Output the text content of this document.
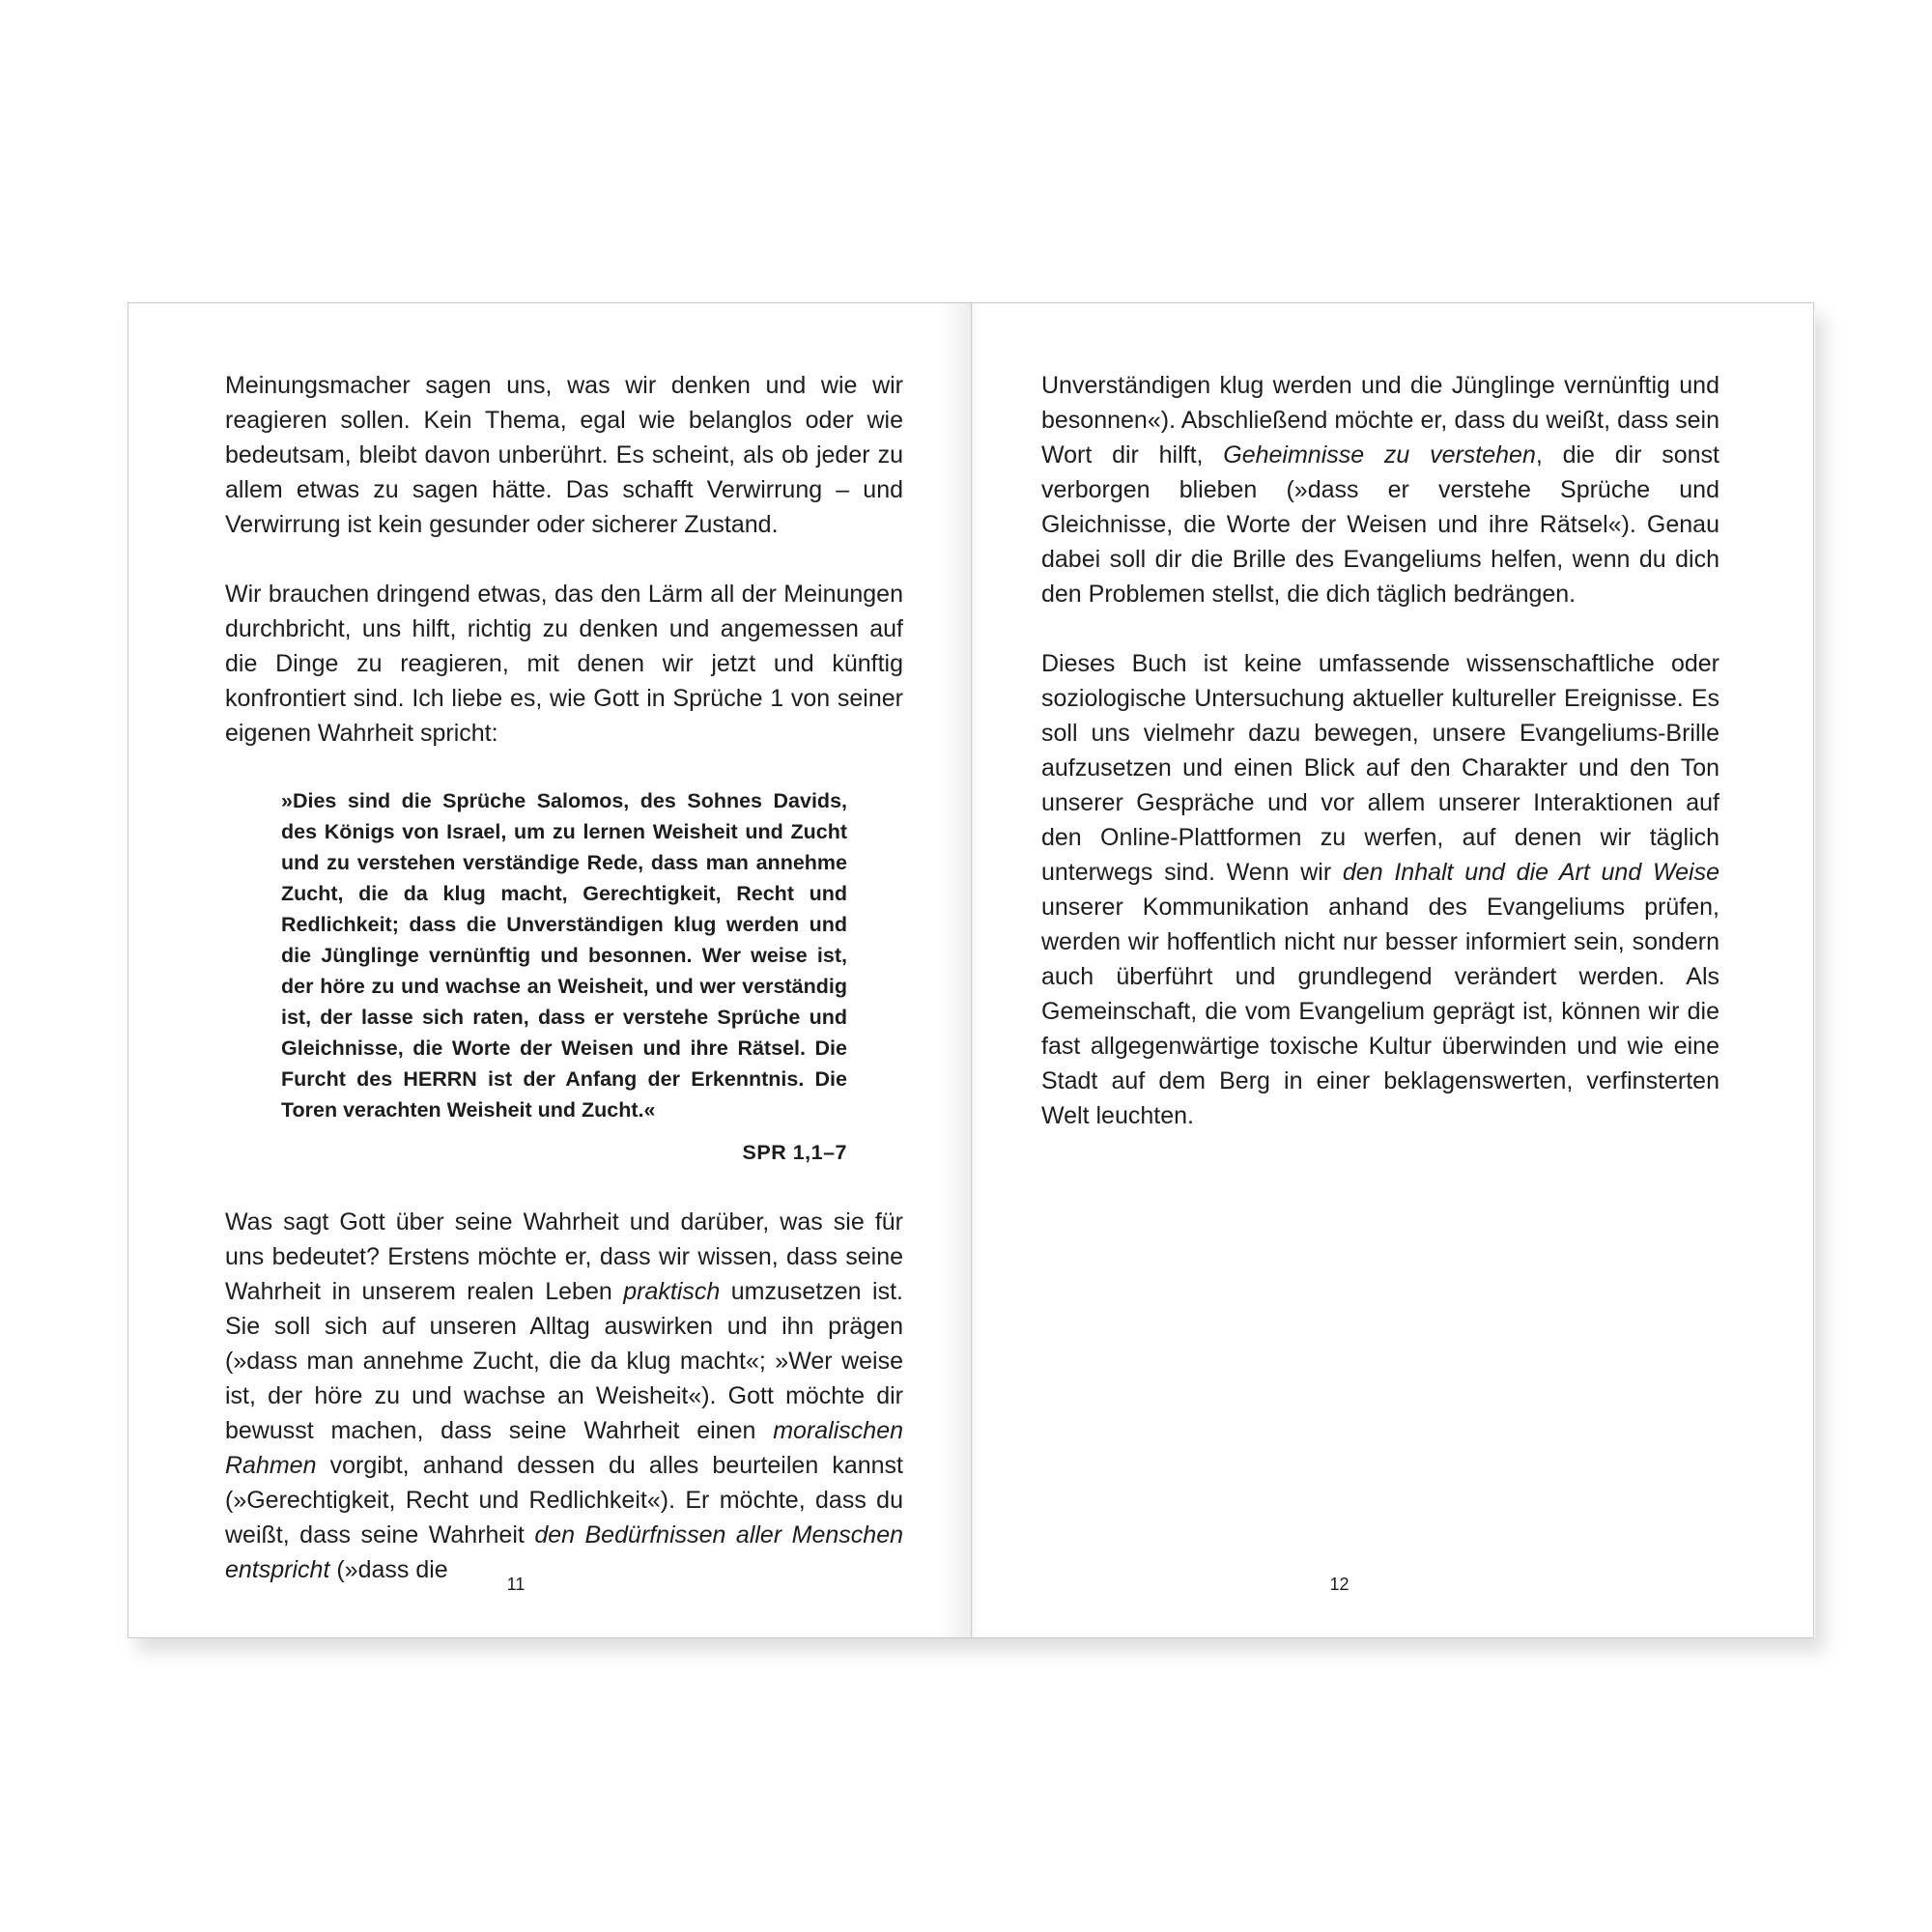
Meinungsmacher sagen uns, was wir denken und wie wir reagieren sollen. Kein Thema, egal wie belanglos oder wie bedeutsam, bleibt davon unberührt. Es scheint, als ob jeder zu allem etwas zu sagen hätte. Das schafft Verwirrung – und Verwirrung ist kein gesunder oder sicherer Zustand.

Wir brauchen dringend etwas, das den Lärm all der Meinungen durchbricht, uns hilft, richtig zu denken und angemessen auf die Dinge zu reagieren, mit denen wir jetzt und künftig konfrontiert sind. Ich liebe es, wie Gott in Sprüche 1 von seiner eigenen Wahrheit spricht:

»Dies sind die Sprüche Salomos, des Sohnes Davids, des Königs von Israel, um zu lernen Weisheit und Zucht und zu verstehen verständige Rede, dass man annehme Zucht, die da klug macht, Gerechtigkeit, Recht und Redlichkeit; dass die Unverständigen klug werden und die Jünglinge vernünftig und besonnen. Wer weise ist, der höre zu und wachse an Weisheit, und wer verständig ist, der lasse sich raten, dass er verstehe Sprüche und Gleichnisse, die Worte der Weisen und ihre Rätsel. Die Furcht des HERRN ist der Anfang der Erkenntnis. Die Toren verachten Weisheit und Zucht.«
SPR 1,1–7

Was sagt Gott über seine Wahrheit und darüber, was sie für uns bedeutet? Erstens möchte er, dass wir wissen, dass seine Wahrheit in unserem realen Leben praktisch umzusetzen ist. Sie soll sich auf unseren Alltag auswirken und ihn prägen (»dass man annehme Zucht, die da klug macht«; »Wer weise ist, der höre zu und wachse an Weisheit«). Gott möchte dir bewusst machen, dass seine Wahrheit einen moralischen Rahmen vorgibt, anhand dessen du alles beurteilen kannst (»Gerechtigkeit, Recht und Redlichkeit«). Er möchte, dass du weißt, dass seine Wahrheit den Bedürfnissen aller Menschen entspricht (»dass die

11

Unverständigen klug werden und die Jünglinge vernünftig und besonnen«). Abschließend möchte er, dass du weißt, dass sein Wort dir hilft, Geheimnisse zu verstehen, die dir sonst verborgen blieben (»dass er verstehe Sprüche und Gleichnisse, die Worte der Weisen und ihre Rätsel«). Genau dabei soll dir die Brille des Evangeliums helfen, wenn du dich den Problemen stellst, die dich täglich bedrängen.

Dieses Buch ist keine umfassende wissenschaftliche oder soziologische Untersuchung aktueller kultureller Ereignisse. Es soll uns vielmehr dazu bewegen, unsere Evangeliums-Brille aufzusetzen und einen Blick auf den Charakter und den Ton unserer Gespräche und vor allem unserer Interaktionen auf den Online-Plattformen zu werfen, auf denen wir täglich unterwegs sind. Wenn wir den Inhalt und die Art und Weise unserer Kommunikation anhand des Evangeliums prüfen, werden wir hoffentlich nicht nur besser informiert sein, sondern auch überführt und grundlegend verändert werden. Als Gemeinschaft, die vom Evangelium geprägt ist, können wir die fast allgegenwärtige toxische Kultur überwinden und wie eine Stadt auf dem Berg in einer beklagenswerten, verfinsterten Welt leuchten.

12
